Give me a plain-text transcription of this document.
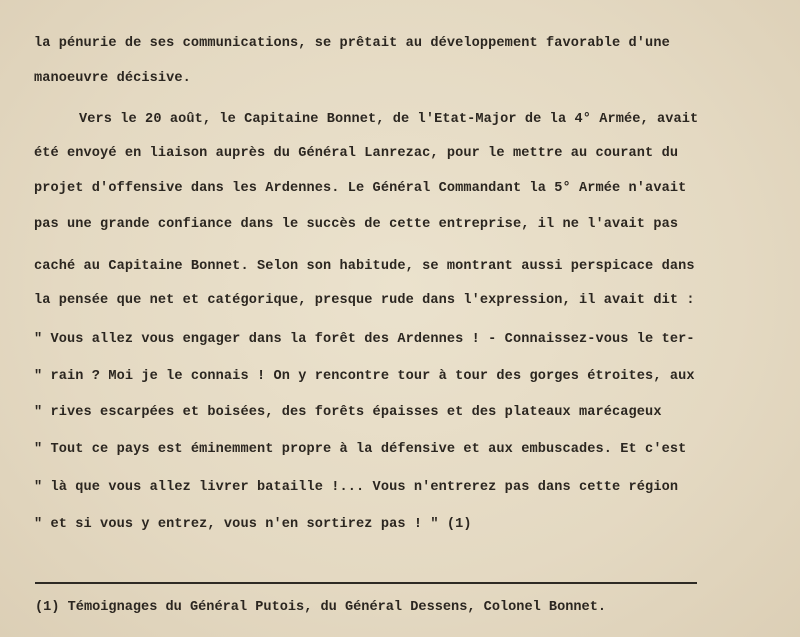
la pénurie de ses communications, se prêtait au développement favorable d'une
manoeuvre décisive.
Vers le 20 août, le Capitaine Bonnet, de l'Etat-Major de la 4° Armée, avait
été envoyé en liaison auprès du Général Lanrezac, pour le mettre au courant du
projet d'offensive dans les Ardennes. Le Général Commandant la 5° Armée n'avait
pas une grande confiance dans le succès de cette entreprise, il ne l'avait pas
caché au Capitaine Bonnet. Selon son habitude, se montrant aussi perspicace dans
la pensée que net et catégorique, presque rude dans l'expression, il avait dit :
" Vous allez vous engager dans la forêt des Ardennes ! - Connaissez-vous le ter-
" rain ? Moi je le connais ! On y rencontre tour à tour des gorges étroites, aux
" rives escarpées et boisées, des forêts épaisses et des plateaux marécageux
" Tout ce pays est éminemment propre à la défensive et aux embuscades. Et c'est
" là que vous allez livrer bataille !... Vous n'entrerez pas dans cette région
" et si vous y entrez, vous n'en sortirez pas ! " (1)
(1) Témoignages du Général Putois, du Général Dessens, Colonel Bonnet.
